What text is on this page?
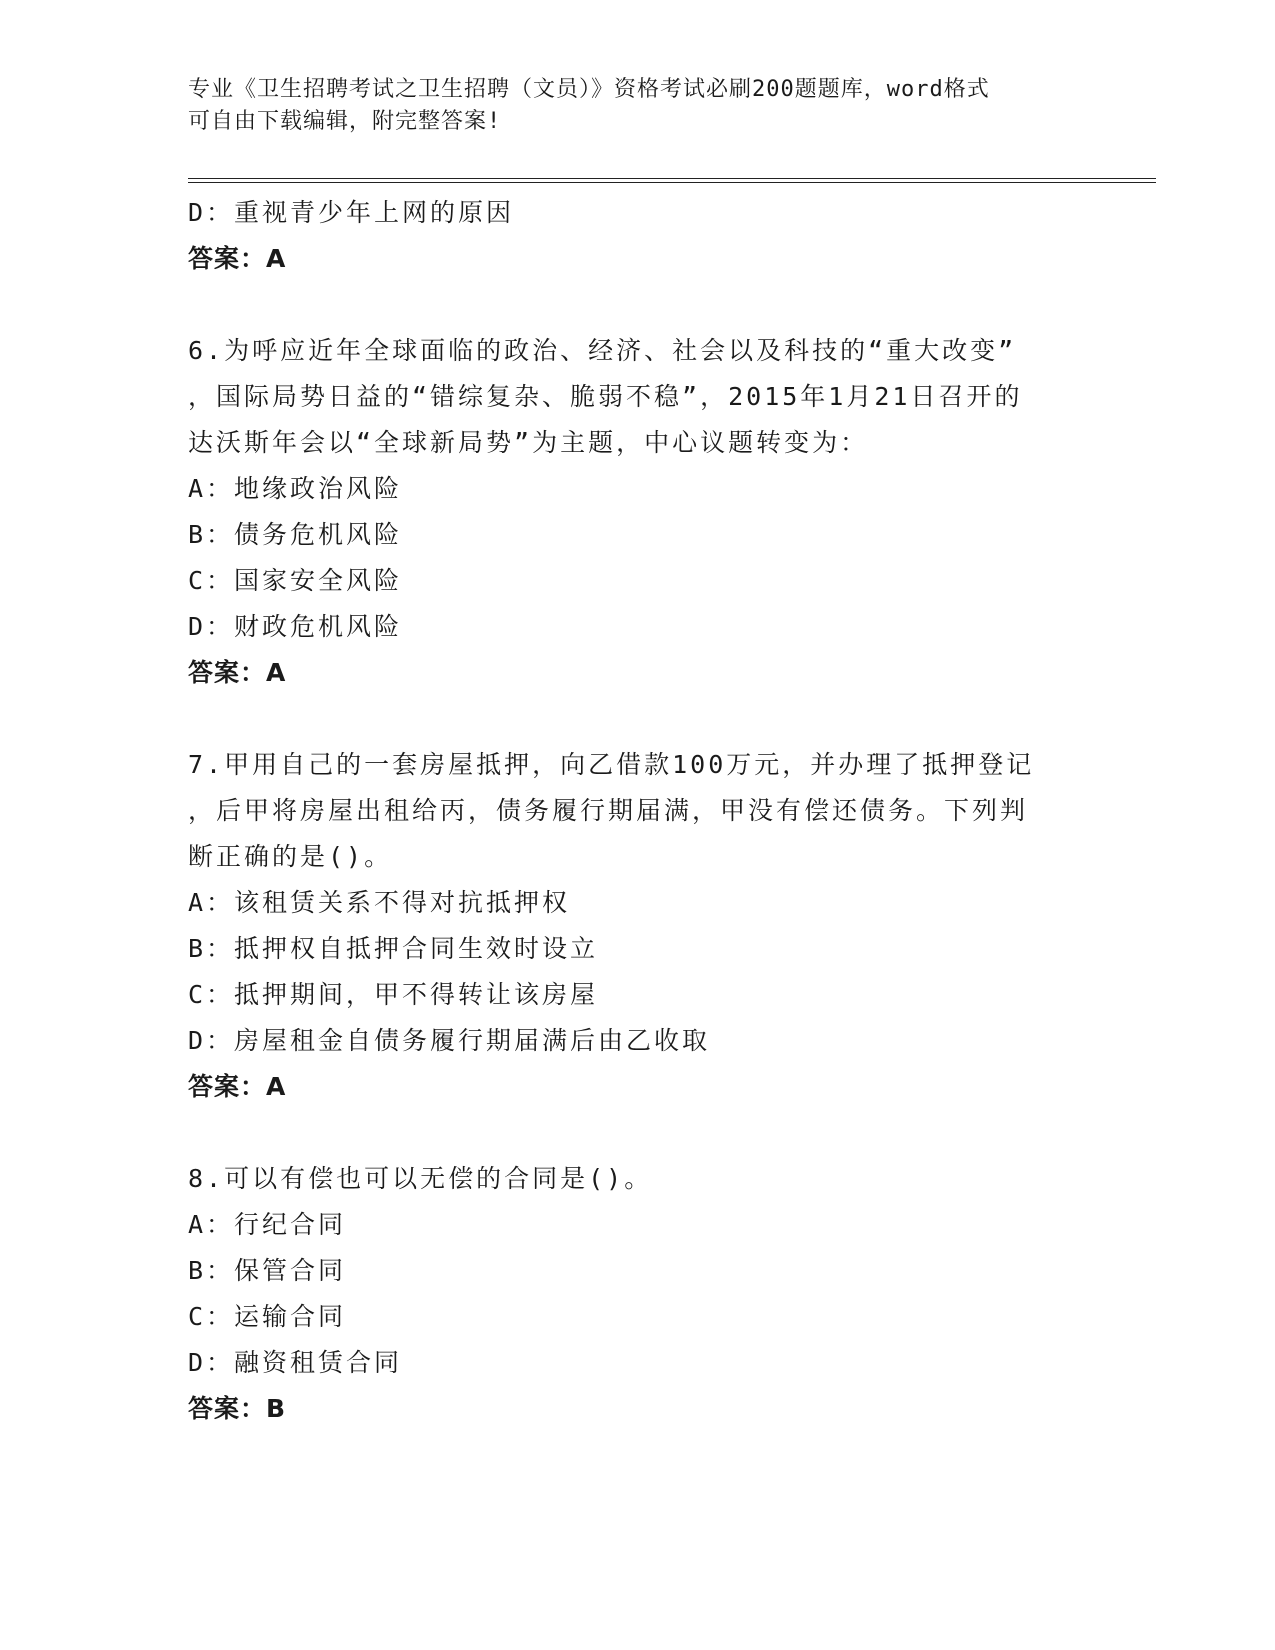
专业《卫生招聘考试之卫生招聘（文员）》资格考试必刷200题题库，word格式
可自由下载编辑，附完整答案!
D：重视青少年上网的原因
答案：A
6.为呼应近年全球面临的政治、经济、社会以及科技的“重大改变”
，国际局势日益的“错综复杂、脆弱不稳”，2015年1月21日召开的
达沃斯年会以“全球新局势”为主题，中心议题转变为：
A：地缘政治风险
B：债务危机风险
C：国家安全风险
D：财政危机风险
答案：A
7.甲用自己的一套房屋抵押，向乙借款100万元，并办理了抵押登记
，后甲将房屋出租给丙，债务履行期届满，甲没有偿还债务。下列判
断正确的是()。
A：该租赁关系不得对抗抵押权
B：抵押权自抵押合同生效时设立
C：抵押期间，甲不得转让该房屋
D：房屋租金自债务履行期届满后由乙收取
答案：A
8.可以有偿也可以无偿的合同是()。
A：行纪合同
B：保管合同
C：运输合同
D：融资租赁合同
答案：B
